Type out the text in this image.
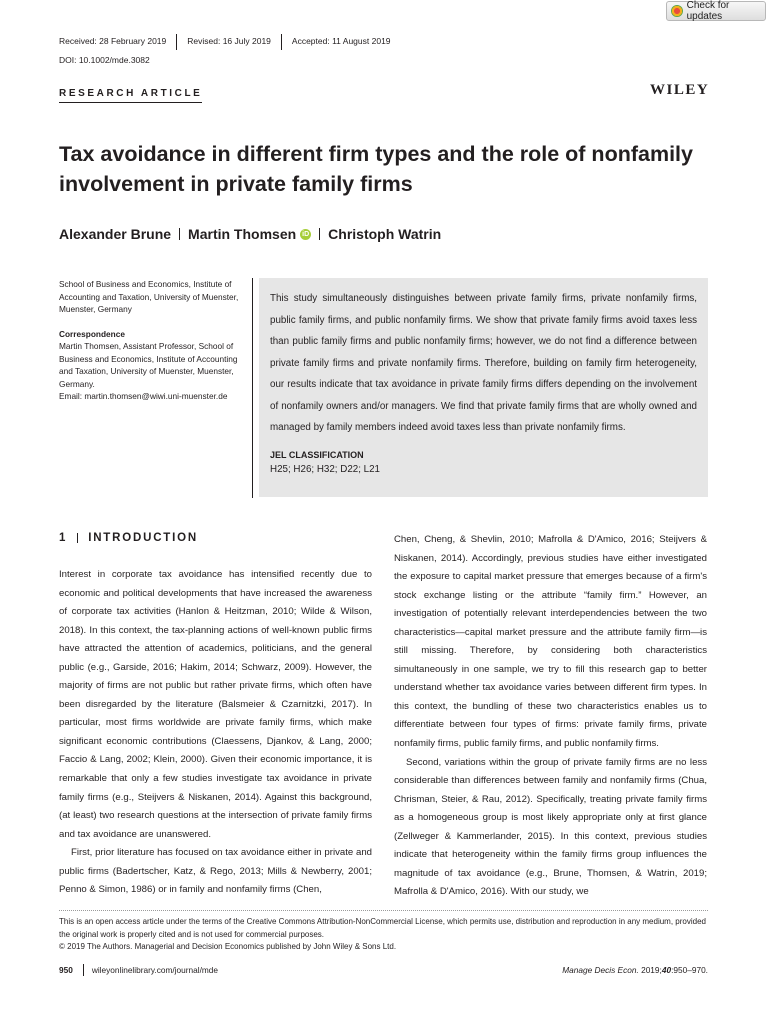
Check for updates
Received: 28 February 2019	Revised: 16 July 2019	Accepted: 11 August 2019
DOI: 10.1002/mde.3082
RESEARCH ARTICLE	WILEY
Tax avoidance in different firm types and the role of nonfamily involvement in private family firms
Alexander Brune Martin Thomsen iD Christoph Watrin

School of Business and Economics, Institute of Accounting and Taxation, University of Muenster, Muenster, Germany

Correspondence

Martin Thomsen, Assistant Professor, School of Business and Economics, Institute of Accounting and Taxation, University of Muenster, Muenster, Germany.

Email: martin.thomsen@wiwi.uni-muenster.de

This study simultaneously distinguishes between private family firms, private nonfamily firms, public family firms, and public nonfamily firms. We show that private family firms avoid taxes less than public family firms and public nonfamily firms; however, we do not find a difference between private family firms and private nonfamily firms. Therefore, building on family firm heterogeneity, our results indicate that tax avoidance in private family firms differs depending on the involvement of nonfamily owners and/or managers. We find that private family firms that are wholly owned and managed by family members indeed avoid taxes less than private nonfamily firms.

JEL CLASSIFICATION
H25; H26; H32; D22; L21
1 INTRODUCTION

Interest in corporate tax avoidance has intensified recently due to economic and political developments that have increased the awareness of corporate tax activities (Hanlon & Heitzman, 2010; Wilde & Wilson, 2018). In this context, the tax-planning actions of well-known public firms have attracted the attention of academics, politicians, and the general public (e.g., Garside, 2016; Hakim, 2014; Schwarz, 2009). However, the majority of firms are not public but rather private firms, which often have been disregarded by the literature (Balsmeier & Czarnitzki, 2017). In particular, most firms worldwide are private family firms, which make significant economic contributions (Claessens, Djankov, & Lang, 2000; Faccio & Lang, 2002; Klein, 2000). Given their economic importance, it is remarkable that only a few studies investigate tax avoidance in private family firms (e.g., Steijvers & Niskanen, 2014). Against this background, (at least) two research questions at the intersection of private family firms and tax avoidance are unanswered.

First, prior literature has focused on tax avoidance either in private and public firms (Badertscher, Katz, & Rego, 2013; Mills & Newberry, 2001; Penno & Simon, 1986) or in family and nonfamily firms (Chen,

Chen, Cheng, & Shevlin, 2010; Mafrolla & D'Amico, 2016; Steijvers & Niskanen, 2014). Accordingly, previous studies have either investigated the exposure to capital market pressure that emerges because of a firm's stock exchange listing or the attribute “family firm.” However, an investigation of potentially relevant interdependencies between the two characteristics—capital market pressure and the attribute family firm—is still missing. Therefore, by considering both characteristics simultaneously in one sample, we try to fill this research gap to better understand whether tax avoidance varies between different firm types. In this context, the bundling of these two characteristics enables us to differentiate between four types of firms: private family firms, private nonfamily firms, public family firms, and public nonfamily firms.

Second, variations within the group of private family firms are no less considerable than differences between family and nonfamily firms (Chua, Chrisman, Steier, & Rau, 2012). Specifically, treating private family firms as a homogeneous group is most likely appropriate only at first glance (Zellweger & Kammerlander, 2015). In this context, previous studies indicate that heterogeneity within the family firms group influences the magnitude of tax avoidance (e.g., Brune, Thomsen, & Watrin, 2019; Mafrolla & D'Amico, 2016). With our study, we

This is an open access article under the terms of the Creative Commons Attribution-NonCommercial License, which permits use, distribution and reproduction in any medium, provided the original work is properly cited and is not used for commercial purposes.

© 2019 The Authors. Managerial and Decision Economics published by John Wiley & Sons Ltd.

950 wileyonlinelibrary.com/journal/mde	Manage Decis Econ. 2019;40:950–970.
